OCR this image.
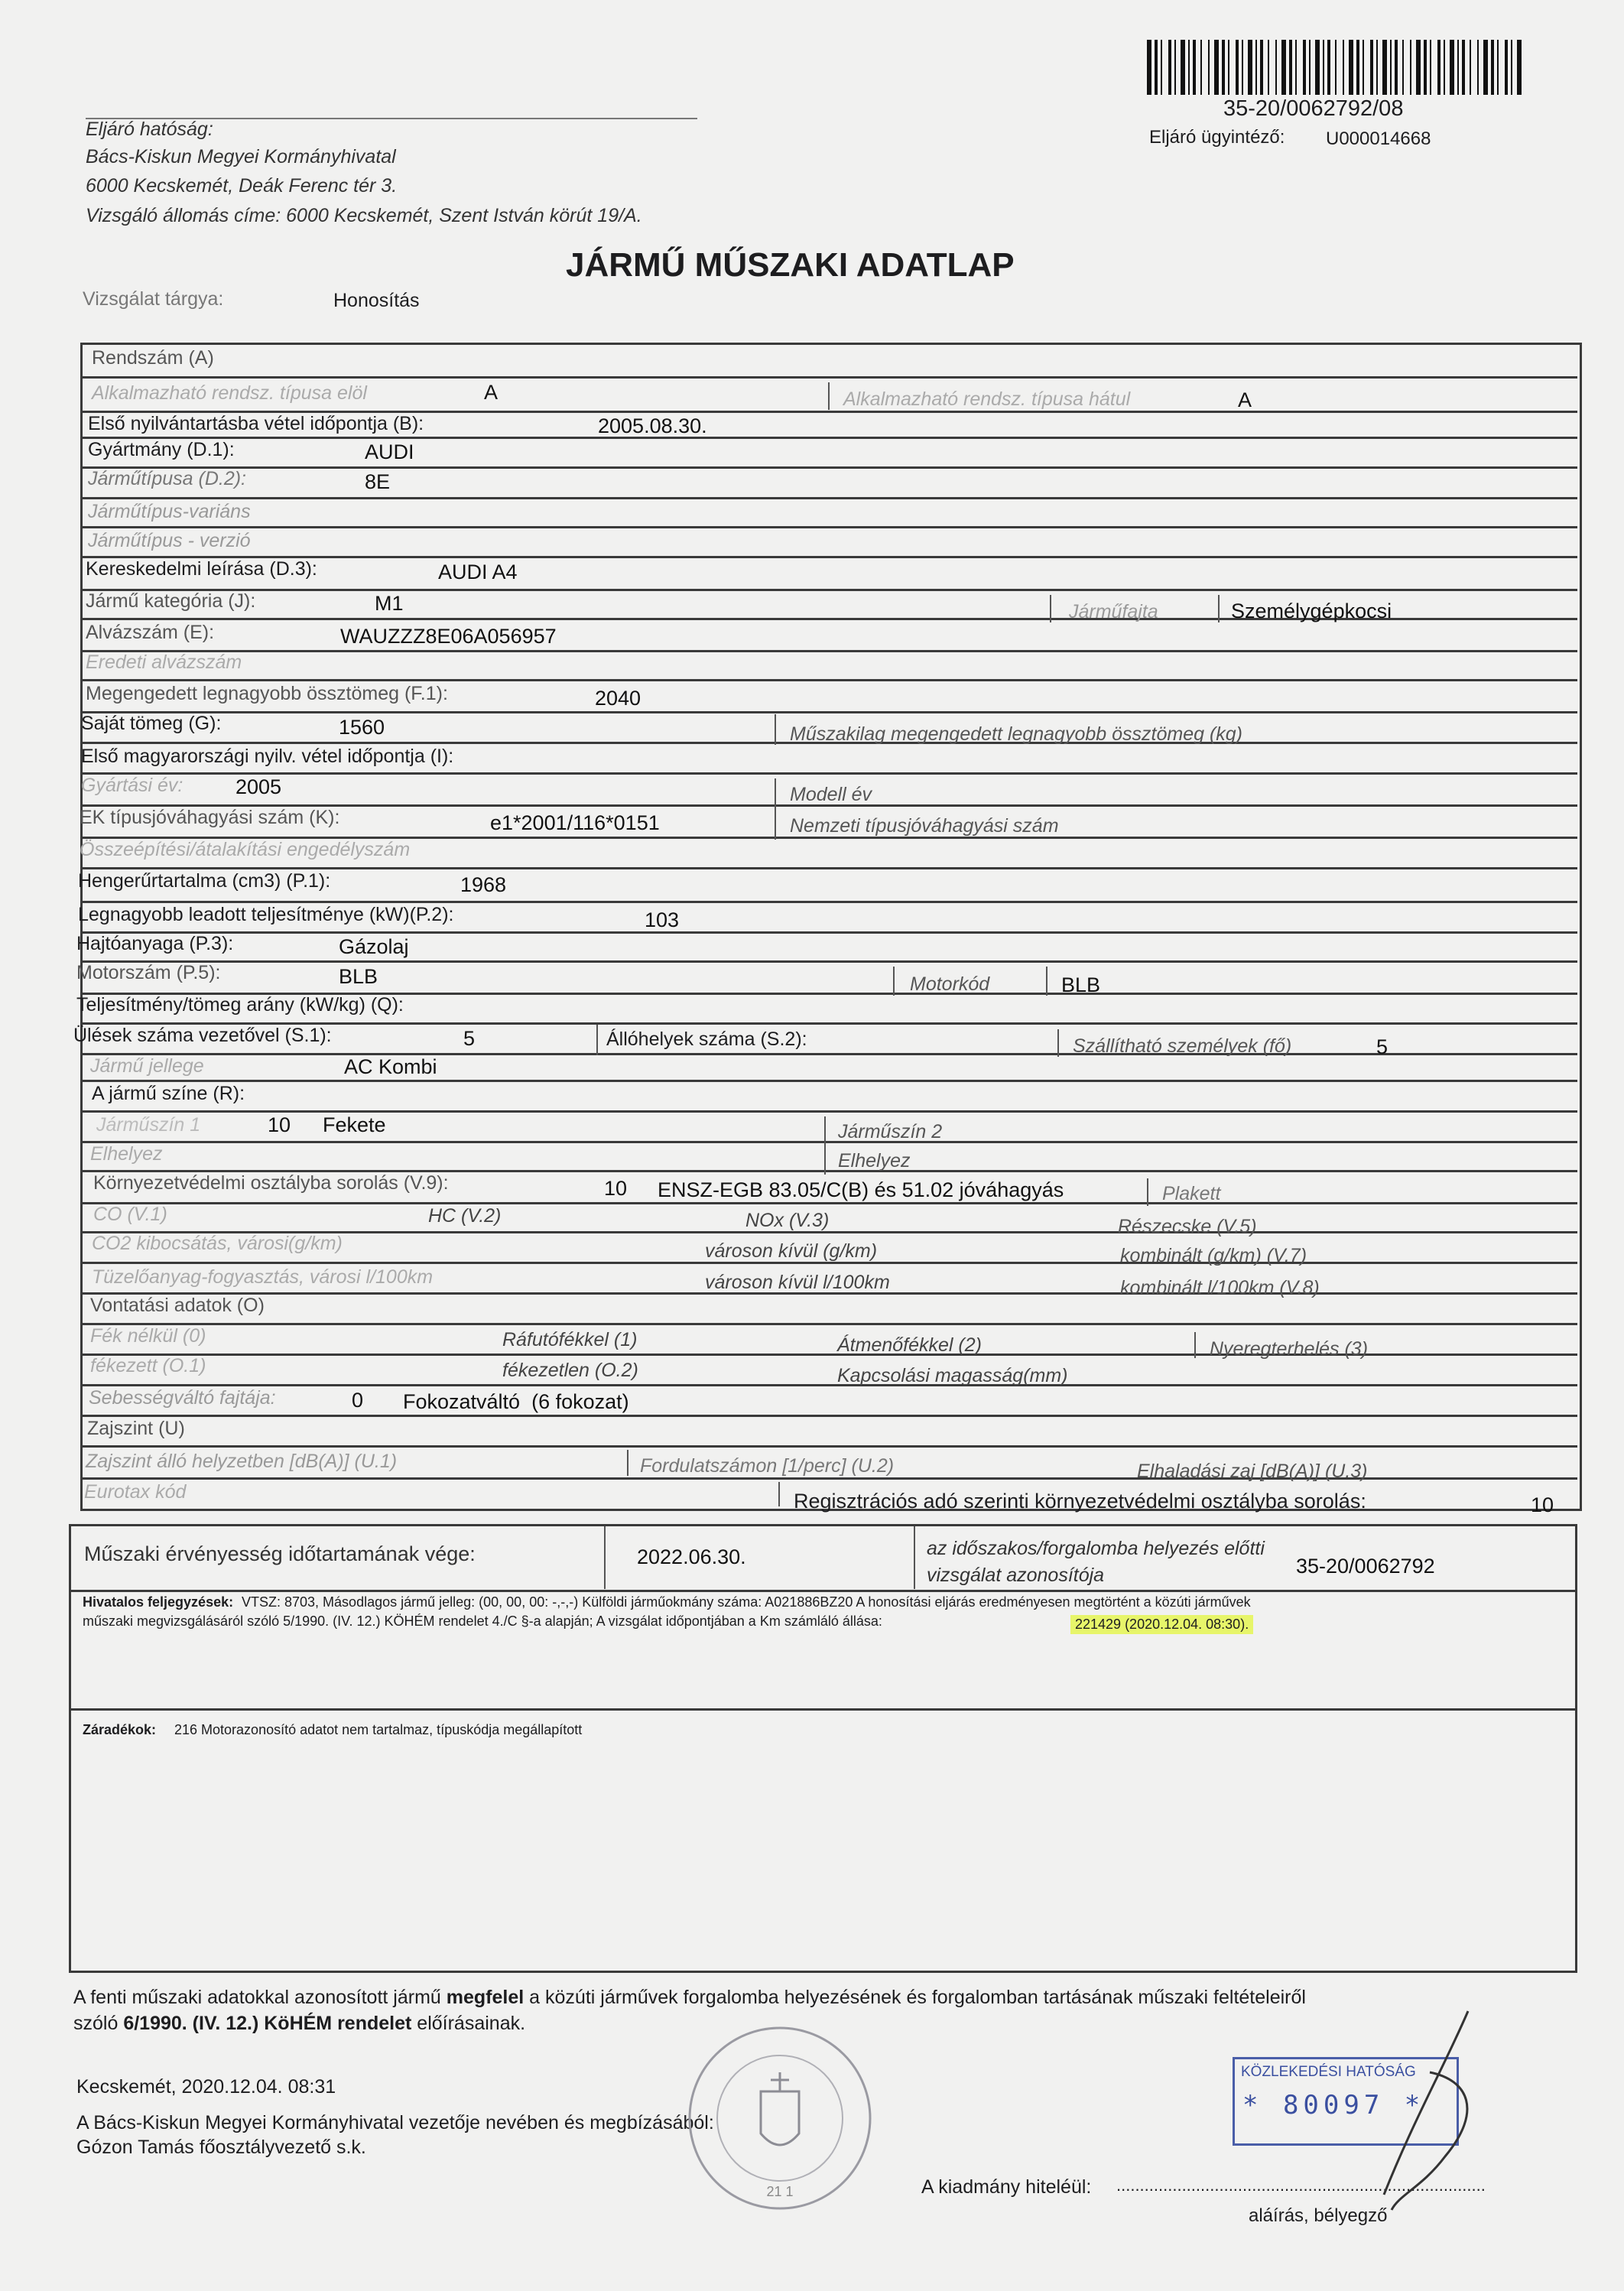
35-20/0062792/08
Eljáró ügyintéző: U000014668
Eljáró hatóság:
Bács-Kiskun Megyei Kormányhivatal
6000 Kecskemét, Deák Ferenc tér 3.
Vizsgáló állomás címe: 6000 Kecskemét, Szent István körút 19/A.
JÁRMŰ MŰSZAKI ADATLAP
Vizsgálat tárgya:	Honosítás
Rendszám (A)
Alkalmazható rendsz. típusa elöl	A	Alkalmazható rendsz. típusa hátul	A
Első nyilvántartásba vétel időpontja (B):	2005.08.30.
Gyártmány (D.1):	AUDI
Járműtípusa (D.2):	8E
Járműtípus-variáns
Járműtípus - verzió
Kereskedelmi leírása (D.3):	AUDI A4
Jármű kategória (J):	M1	Járműfajta	Személygépkocsi
Alvázszám (E):	WAUZZZ8E06A056957
Eredeti alvázszám
Megengedett legnagyobb össztömeg (F.1):	2040
Saját tömeg (G):	1560	Műszakilag megengedett legnagyobb össztömeg (kg)
Első magyarországi nyilv. vétel időpontja (I):
Gyártási év:	2005	Modell év
EK típusjóváhagyási szám (K):	e1*2001/116*0151	Nemzeti típusjóváhagyási szám
Összeépítési/átalakítási engedélyszám
Hengerűrtartalma (cm3) (P.1):	1968
Legnagyobb leadott teljesítménye (kW)(P.2):	103
Hajtóanyaga (P.3):	Gázolaj
Motorszám (P.5):	BLB	Motorkód	BLB
Teljesítmény/tömeg arány (kW/kg) (Q):
Ülések száma vezetővel (S.1):	5	Állóhelyek száma (S.2):	Szállítható személyek (fő)	5
Jármű jellege	AC Kombi
A jármű színe (R):
Járműszín 1	10 Fekete	Járműszín 2
Elhelyez	Elhelyez
Környezetvédelmi osztályba sorolás (V.9):	10 ENSZ-EGB 83.05/C(B) és 51.02 jóváhagyás	Plakett
CO (V.1)	HC (V.2)	NOx (V.3)	Részecske (V.5)
CO2 kibocsátás, városi(g/km)	városon kívül (g/km)	kombinált (g/km) (V.7)
Tüzelőanyag-fogyasztás, városi l/100km	városon kívül l/100km	kombinált l/100km (V.8)
Vontatási adatok (O)
Fék nélkül (0)	Ráfutófékkel (1)	Átmenőfékkel (2)	Nyeregterhelés (3)
fékezett (O.1)	fékezetlen (O.2)	Kapcsolási magasság(mm)
Sebességváltó fajtája:	0 Fokozatváltó  (6 fokozat)
Zajszint (U)
Zajszint álló helyzetben [dB(A)] (U.1)	Fordulatszámon [1/perc] (U.2)	Elhaladási zaj [dB(A)] (U.3)
Eurotax kód	Regisztrációs adó szerinti környezetvédelmi osztályba sorolás:	10
Műszaki érvényesség időtartamának vége:	2022.06.30.	az időszakos/forgalomba helyezés előtti vizsgálat azonosítója	35-20/0062792
Hivatalos feljegyzések: VTSZ: 8703, Másodlagos jármű jelleg: (00, 00, 00: -,-,-) Külföldi járműokmány száma: A021886BZ20 A honosítási eljárás eredményesen megtörtént a közúti járművek
műszaki megvizsgálásáról szóló 5/1990. (IV. 12.) KÖHÉM rendelet 4./C §-a alapján; A vizsgálat időpontjában a Km számláló állása:	221429 (2020.12.04. 08:30).
Záradékok: 216 Motorazonosító adatot nem tartalmaz, típuskódja megállapított
A fenti műszaki adatokkal azonosított jármű megfelel a közúti járművek forgalomba helyezésének és forgalomban tartásának műszaki feltételeiről
szóló 6/1990. (IV. 12.) KöHÉM rendelet előírásainak.
Kecskemét, 2020.12.04. 08:31
A Bács-Kiskun Megyei Kormányhivatal vezetője nevében és megbízásából:
Gózon Tamás főosztályvezető s.k.
A kiadmány hiteléül: ...............................................................................
aláírás, bélyegző
21 1
KÖZLEKEDÉSI HATÓSÁG
* 80097 *
